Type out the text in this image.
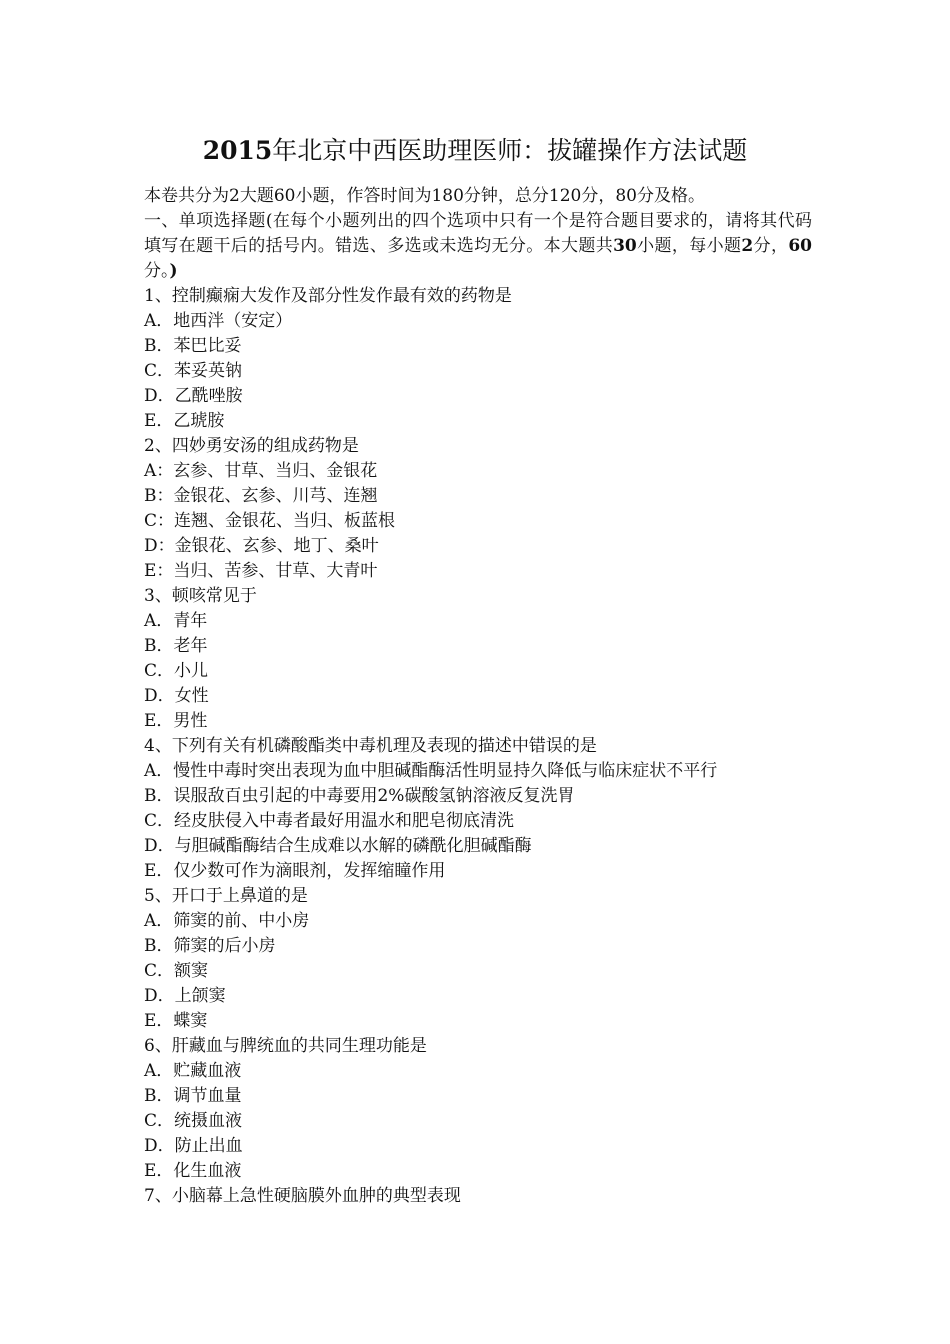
2015年北京中西医助理医师：拔罐操作方法试题
本卷共分为2大题60小题，作答时间为180分钟，总分120分，80分及格。
一、单项选择题(在每个小题列出的四个选项中只有一个是符合题目要求的，请将其代码填写在题干后的括号内。错选、多选或未选均无分。本大题共30小题，每小题2分，60分。)
1、控制癫痫大发作及部分性发作最有效的药物是
A．地西泮（安定）
B．苯巴比妥
C．苯妥英钠
D．乙酰唑胺
E．乙琥胺
2、四妙勇安汤的组成药物是
A：玄参、甘草、当归、金银花
B：金银花、玄参、川芎、连翘
C：连翘、金银花、当归、板蓝根
D：金银花、玄参、地丁、桑叶
E：当归、苦参、甘草、大青叶
3、顿咳常见于
A．青年
B．老年
C．小儿
D．女性
E．男性
4、下列有关有机磷酸酯类中毒机理及表现的描述中错误的是
A．慢性中毒时突出表现为血中胆碱酯酶活性明显持久降低与临床症状不平行
B．误服敌百虫引起的中毒要用2%碳酸氢钠溶液反复洗胃
C．经皮肤侵入中毒者最好用温水和肥皂彻底清洗
D．与胆碱酯酶结合生成难以水解的磷酰化胆碱酯酶
E．仅少数可作为滴眼剂，发挥缩瞳作用
5、开口于上鼻道的是
A．筛窦的前、中小房
B．筛窦的后小房
C．额窦
D．上颌窦
E．蝶窦
6、肝藏血与脾统血的共同生理功能是
A．贮藏血液
B．调节血量
C．统摄血液
D．防止出血
E．化生血液
7、小脑幕上急性硬脑膜外血肿的典型表现
